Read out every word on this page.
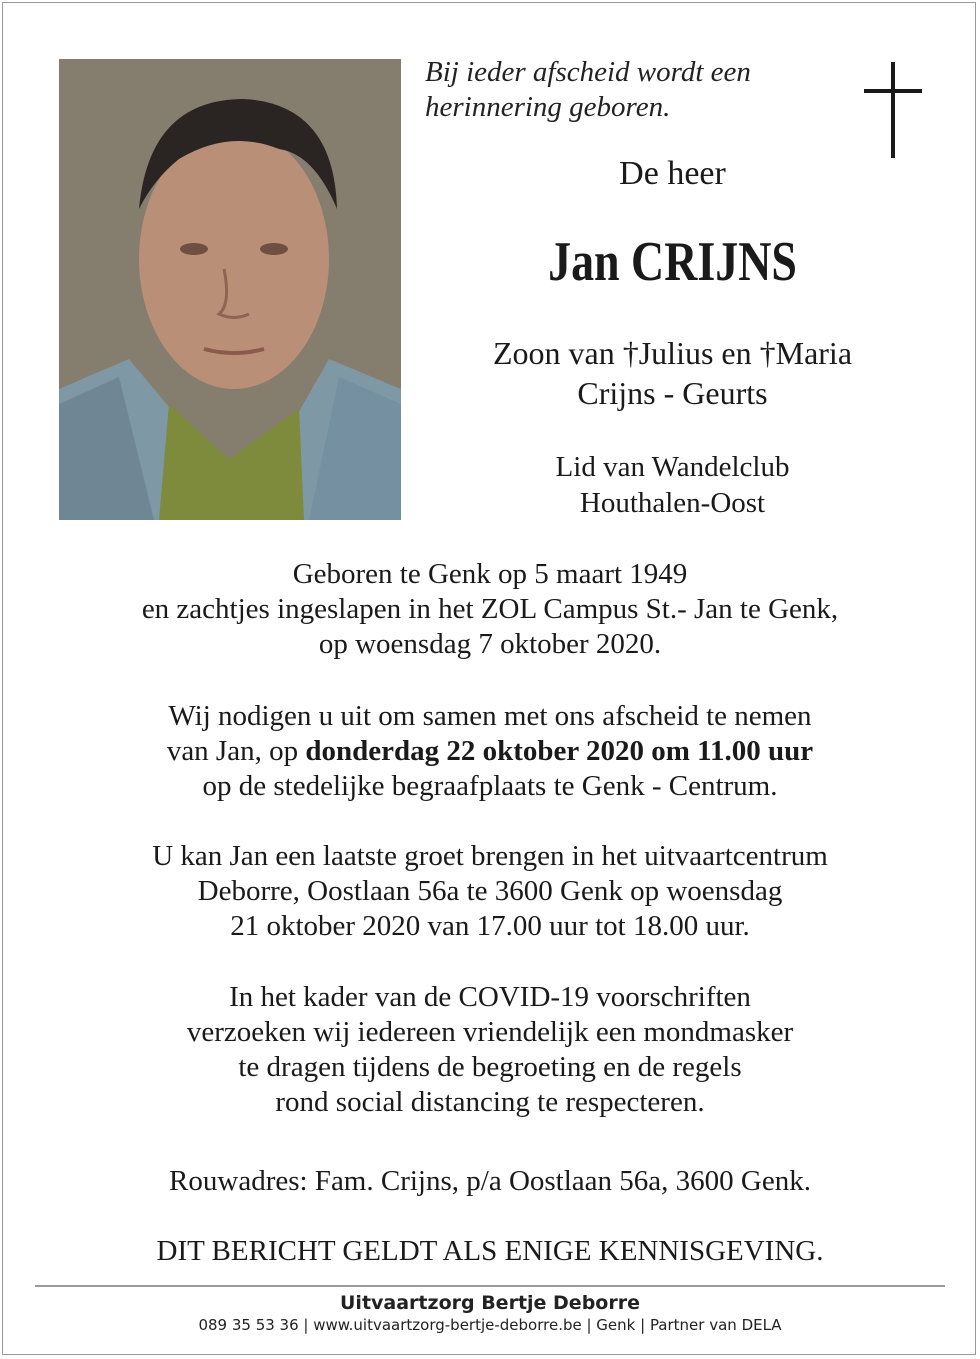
Bij ieder afscheid wordt een
herinnering geboren.
De heer
Jan CRIJNS
Zoon van †Julius en †Maria
Crijns - Geurts
Lid van Wandelclub
Houthalen-Oost
Geboren te Genk op 5 maart 1949
en zachtjes ingeslapen in het ZOL Campus St.- Jan te Genk,
op woensdag 7 oktober 2020.
Wij nodigen u uit om samen met ons afscheid te nemen
van Jan, op donderdag 22 oktober 2020 om 11.00 uur
op de stedelijke begraafplaats te Genk - Centrum.
U kan Jan een laatste groet brengen in het uitvaartcentrum
Deborre, Oostlaan 56a te 3600 Genk op woensdag
21 oktober 2020 van 17.00 uur tot 18.00 uur.
In het kader van de COVID-19 voorschriften
verzoeken wij iedereen vriendelijk een mondmasker
te dragen tijdens de begroeting en de regels
rond social distancing te respecteren.
Rouwadres: Fam. Crijns, p/a Oostlaan 56a, 3600 Genk.
DIT BERICHT GELDT ALS ENIGE KENNISGEVING.
Uitvaartzorg Bertje Deborre
089 35 53 36 | www.uitvaartzorg-bertje-deborre.be | Genk | Partner van DELA
